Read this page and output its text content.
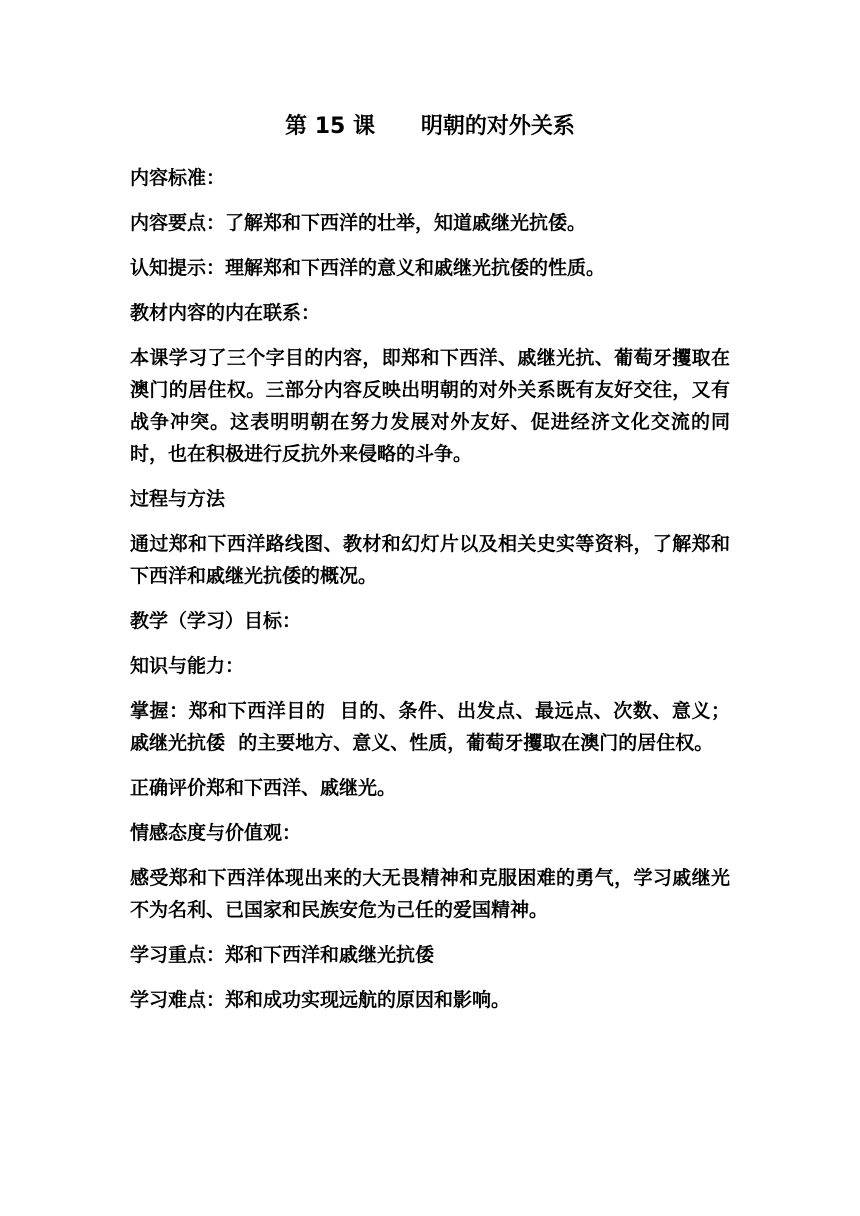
第 15 课      明朝的对外关系

内容标准：

内容要点：了解郑和下西洋的壮举，知道戚继光抗倭。

认知提示：理解郑和下西洋的意义和戚继光抗倭的性质。

教材内容的内在联系：

本课学习了三个字目的内容，即郑和下西洋、戚继光抗、葡萄牙攫取在澳门的居住权。三部分内容反映出明朝的对外关系既有友好交往，又有战争冲突。这表明明朝在努力发展对外友好、促进经济文化交流的同时，也在积极进行反抗外来侵略的斗争。

过程与方法

通过郑和下西洋路线图、教材和幻灯片以及相关史实等资料，了解郑和下西洋和戚继光抗倭的概况。

教学（学习）目标：

知识与能力：

掌握：郑和下西洋目的  目的、条件、出发点、最远点、次数、意义；戚继光抗倭  的主要地方、意义、性质，葡萄牙攫取在澳门的居住权。

正确评价郑和下西洋、戚继光。

情感态度与价值观：

感受郑和下西洋体现出来的大无畏精神和克服困难的勇气，学习戚继光不为名利、已国家和民族安危为己任的爱国精神。

学习重点：郑和下西洋和戚继光抗倭

学习难点：郑和成功实现远航的原因和影响。
